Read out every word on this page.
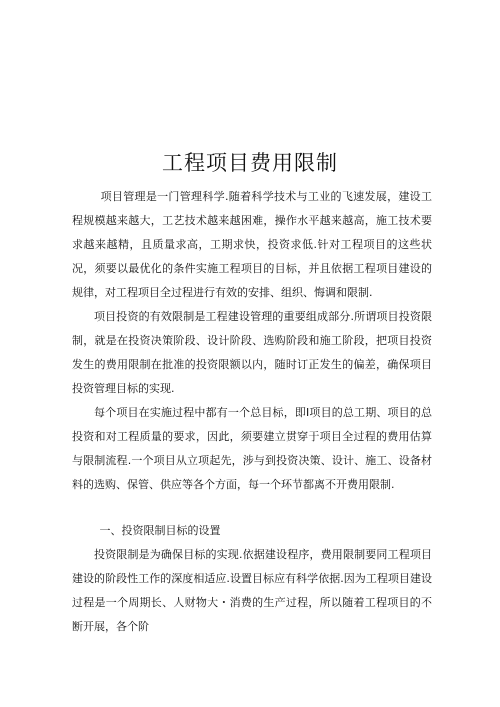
工程项目费用限制

项目管理是一门管理科学.随着科学技术与工业的飞速发展，建设工程规模越来越大，工艺技术越来越困难，操作水平越来越高，施工技术要求越来越精，且质量求高，工期求快，投资求低.针对工程项目的这些状况，须要以最优化的条件实施工程项目的目标，并且依据工程项目建设的规律，对工程项目全过程进行有效的安排、组织、悔调和限制.

项目投资的有效限制是工程建设管理的重要组成部分.所谓项目投资限制，就是在投资决策阶段、设计阶段、选购阶段和施工阶段，把项目投资发生的费用限制在批准的投资限额以内，随时订正发生的偏差，确保项目投资管理目标的实现.

每个项目在实施过程中都有一个总目标，即I项目的总工期、项目的总投资和对工程质量的要求，因此，须要建立贯穿于项目全过程的费用估算与限制流程.一个项目从立项起先，涉与到投资决策、设计、施工、设备材料的选购、保管、供应等各个方面，每一个环节都离不开费用限制.

一、投资限制目标的设置

投资限制是为确保目标的实现.依据建设程序，费用限制要同工程项目建设的阶段性工作的深度相适应.设置目标应有科学依据.因为工程项目建设过程是一个周期长、人财物大・消费的生产过程，所以随着工程项目的不断开展，各个阶
